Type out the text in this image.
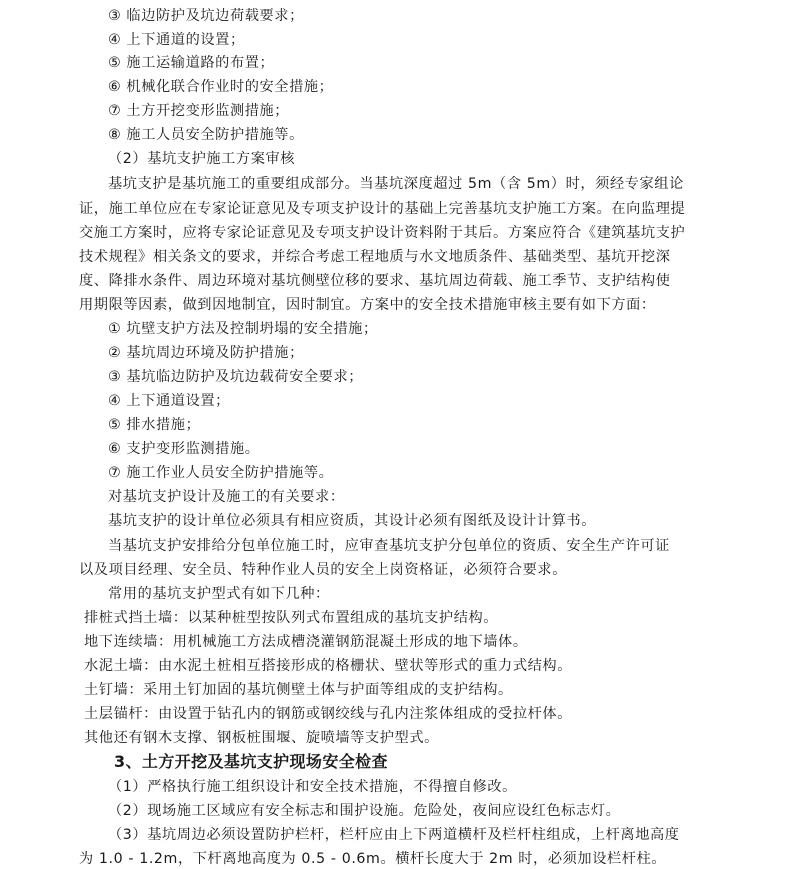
③ 临边防护及坑边荷载要求；
④ 上下通道的设置；
⑤ 施工运输道路的布置；
⑥ 机械化联合作业时的安全措施；
⑦ 土方开挖变形监测措施；
⑧ 施工人员安全防护措施等。
（2）基坑支护施工方案审核
基坑支护是基坑施工的重要组成部分。当基坑深度超过 5m（含 5m）时，须经专家组论
证，施工单位应在专家论证意见及专项支护设计的基础上完善基坑支护施工方案。在向监理提
交施工方案时，应将专家论证意见及专项支护设计资料附于其后。方案应符合《建筑基坑支护
技术规程》相关条文的要求，并综合考虑工程地质与水文地质条件、基础类型、基坑开挖深
度、降排水条件、周边环境对基坑侧壁位移的要求、基坑周边荷载、施工季节、支护结构使
用期限等因素，做到因地制宜，因时制宜。方案中的安全技术措施审核主要有如下方面：
① 坑壁支护方法及控制坍塌的安全措施；
② 基坑周边环境及防护措施；
③ 基坑临边防护及坑边载荷安全要求；
④ 上下通道设置；
⑤ 排水措施；
⑥ 支护变形监测措施。
⑦ 施工作业人员安全防护措施等。
对基坑支护设计及施工的有关要求：
基坑支护的设计单位必须具有相应资质，其设计必须有图纸及设计计算书。
当基坑支护安排给分包单位施工时，应审查基坑支护分包单位的资质、安全生产许可证
以及项目经理、安全员、特种作业人员的安全上岗资格证，必须符合要求。
常用的基坑支护型式有如下几种：
排桩式挡土墙：以某种桩型按队列式布置组成的基坑支护结构。
地下连续墙：用机械施工方法成槽浇灌钢筋混凝土形成的地下墙体。
水泥土墙：由水泥土桩相互搭接形成的格栅状、壁状等形式的重力式结构。
土钉墙：采用土钉加固的基坑侧壁土体与护面等组成的支护结构。
土层锚杆：由设置于钻孔内的钢筋或钢绞线与孔内注浆体组成的受拉杆体。
其他还有钢木支撑、钢板桩围堰、旋喷墙等支护型式。
3、土方开挖及基坑支护现场安全检查
（1）严格执行施工组织设计和安全技术措施，不得擅自修改。
（2）现场施工区域应有安全标志和围护设施。危险处，夜间应设红色标志灯。
（3）基坑周边必须设置防护栏杆，栏杆应由上下两道横杆及栏杆柱组成，上杆离地高度
为 1.0 - 1.2m，下杆离地高度为 0.5 - 0.6m。横杆长度大于 2m 时，必须加设栏杆柱。
